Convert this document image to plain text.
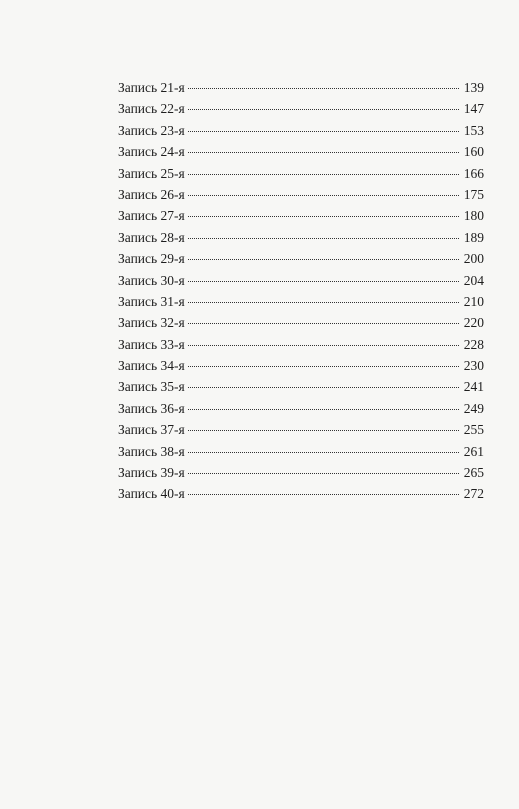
Запись 21-я	139
Запись 22-я	147
Запись 23-я	153
Запись 24-я	160
Запись 25-я	166
Запись 26-я	175
Запись 27-я	180
Запись 28-я	189
Запись 29-я	200
Запись 30-я	204
Запись 31-я	210
Запись 32-я	220
Запись 33-я	228
Запись 34-я	230
Запись 35-я	241
Запись 36-я	249
Запись 37-я	255
Запись 38-я	261
Запись 39-я	265
Запись 40-я	272
